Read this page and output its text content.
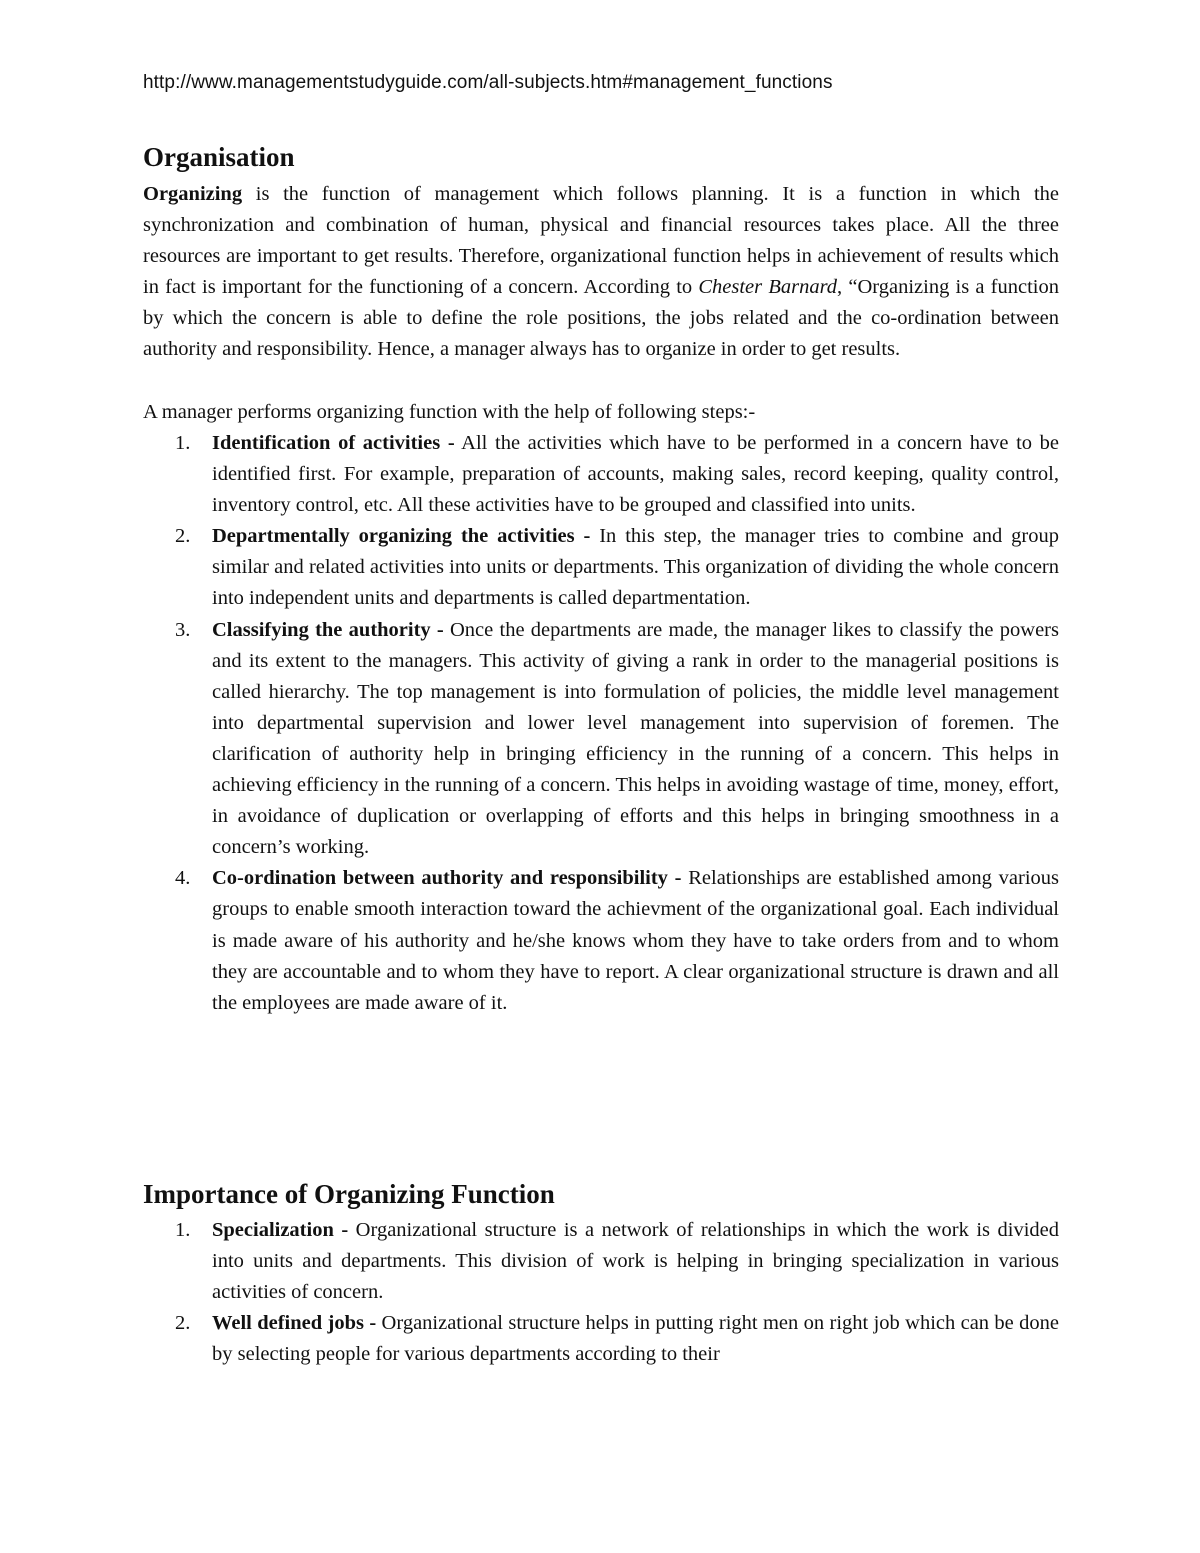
http://www.managementstudyguide.com/all-subjects.htm#management_functions
Organisation
Organizing is the function of management which follows planning. It is a function in which the synchronization and combination of human, physical and financial resources takes place. All the three resources are important to get results. Therefore, organizational function helps in achievement of results which in fact is important for the functioning of a concern. According to Chester Barnard, “Organizing is a function by which the concern is able to define the role positions, the jobs related and the co-ordination between authority and responsibility. Hence, a manager always has to organize in order to get results.
A manager performs organizing function with the help of following steps:-
1. Identification of activities - All the activities which have to be performed in a concern have to be identified first. For example, preparation of accounts, making sales, record keeping, quality control, inventory control, etc. All these activities have to be grouped and classified into units.
2. Departmentally organizing the activities - In this step, the manager tries to combine and group similar and related activities into units or departments. This organization of dividing the whole concern into independent units and departments is called departmentation.
3. Classifying the authority - Once the departments are made, the manager likes to classify the powers and its extent to the managers. This activity of giving a rank in order to the managerial positions is called hierarchy. The top management is into formulation of policies, the middle level management into departmental supervision and lower level management into supervision of foremen. The clarification of authority help in bringing efficiency in the running of a concern. This helps in achieving efficiency in the running of a concern. This helps in avoiding wastage of time, money, effort, in avoidance of duplication or overlapping of efforts and this helps in bringing smoothness in a concern’s working.
4. Co-ordination between authority and responsibility - Relationships are established among various groups to enable smooth interaction toward the achievment of the organizational goal. Each individual is made aware of his authority and he/she knows whom they have to take orders from and to whom they are accountable and to whom they have to report. A clear organizational structure is drawn and all the employees are made aware of it.
Importance of Organizing Function
1. Specialization - Organizational structure is a network of relationships in which the work is divided into units and departments. This division of work is helping in bringing specialization in various activities of concern.
2. Well defined jobs - Organizational structure helps in putting right men on right job which can be done by selecting people for various departments according to their
